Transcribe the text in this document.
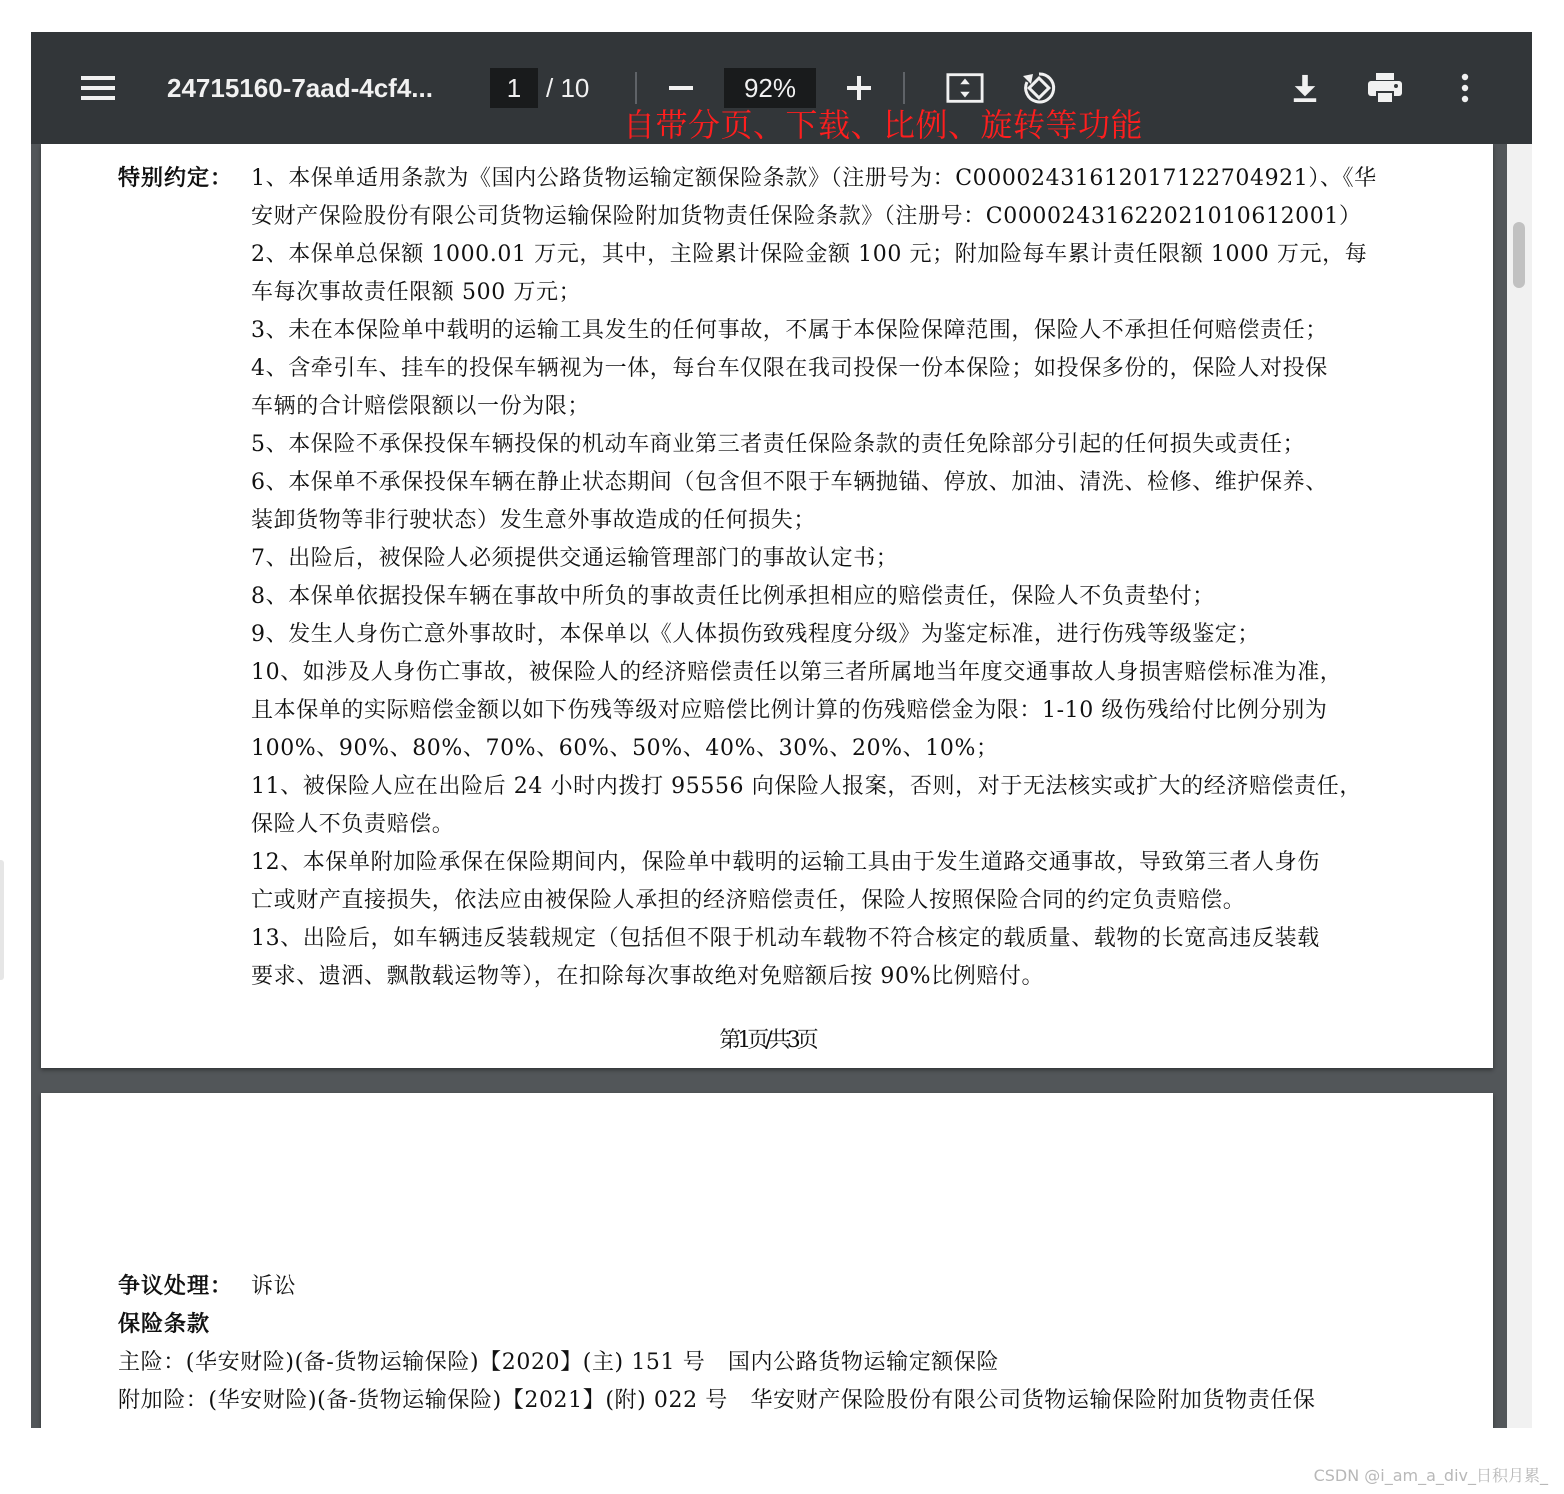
特别约定： 1、本保单适用条款为《国内公路货物运输定额保险条款》（注册号为：C00002431612017122704921）、《华
安财产保险股份有限公司货物运输保险附加货物责任保险条款》（注册号：C00002431622021010612001）
2、本保单总保额 1000.01 万元，其中，主险累计保险金额 100 元；附加险每车累计责任限额 1000 万元，每
车每次事故责任限额 500 万元；
3、未在本保险单中载明的运输工具发生的任何事故，不属于本保险保障范围，保险人不承担任何赔偿责任；
4、含牵引车、挂车的投保车辆视为一体，每台车仅限在我司投保一份本保险；如投保多份的，保险人对投保
车辆的合计赔偿限额以一份为限；
5、本保险不承保投保车辆投保的机动车商业第三者责任保险条款的责任免除部分引起的任何损失或责任；
6、本保单不承保投保车辆在静止状态期间（包含但不限于车辆抛锚、停放、加油、清洗、检修、维护保养、
装卸货物等非行驶状态）发生意外事故造成的任何损失；
7、出险后，被保险人必须提供交通运输管理部门的事故认定书；
8、本保单依据投保车辆在事故中所负的事故责任比例承担相应的赔偿责任，保险人不负责垫付；
9、发生人身伤亡意外事故时，本保单以《人体损伤致残程度分级》为鉴定标准，进行伤残等级鉴定；
10、如涉及人身伤亡事故，被保险人的经济赔偿责任以第三者所属地当年度交通事故人身损害赔偿标准为准，
且本保单的实际赔偿金额以如下伤残等级对应赔偿比例计算的伤残赔偿金为限：1-10 级伤残给付比例分别为
100%、90%、80%、70%、60%、50%、40%、30%、20%、10%；
11、被保险人应在出险后 24 小时内拨打 95556 向保险人报案，否则，对于无法核实或扩大的经济赔偿责任，
保险人不负责赔偿。
12、本保单附加险承保在保险期间内，保险单中载明的运输工具由于发生道路交通事故，导致第三者人身伤
亡或财产直接损失，依法应由被保险人承担的经济赔偿责任，保险人按照保险合同的约定负责赔偿。
13、出险后，如车辆违反装载规定（包括但不限于机动车载物不符合核定的载质量、载物的长宽高违反装载
要求、遗洒、飘散载运物等），在扣除每次事故绝对免赔额后按 90%比例赔付。
第1页/共3页
争议处理： 诉讼
保险条款
主险：(华安财险)(备-货物运输保险)【2020】(主) 151 号　国内公路货物运输定额保险
附加险：(华安财险)(备-货物运输保险)【2021】(附) 022 号　华安财产保险股份有限公司货物运输保险附加货物责任保
24715160-7aad-4cf4...
1	/ 10
92%
自带分页、下载、比例、旋转等功能
CSDN @i_am_a_div_日积月累_
